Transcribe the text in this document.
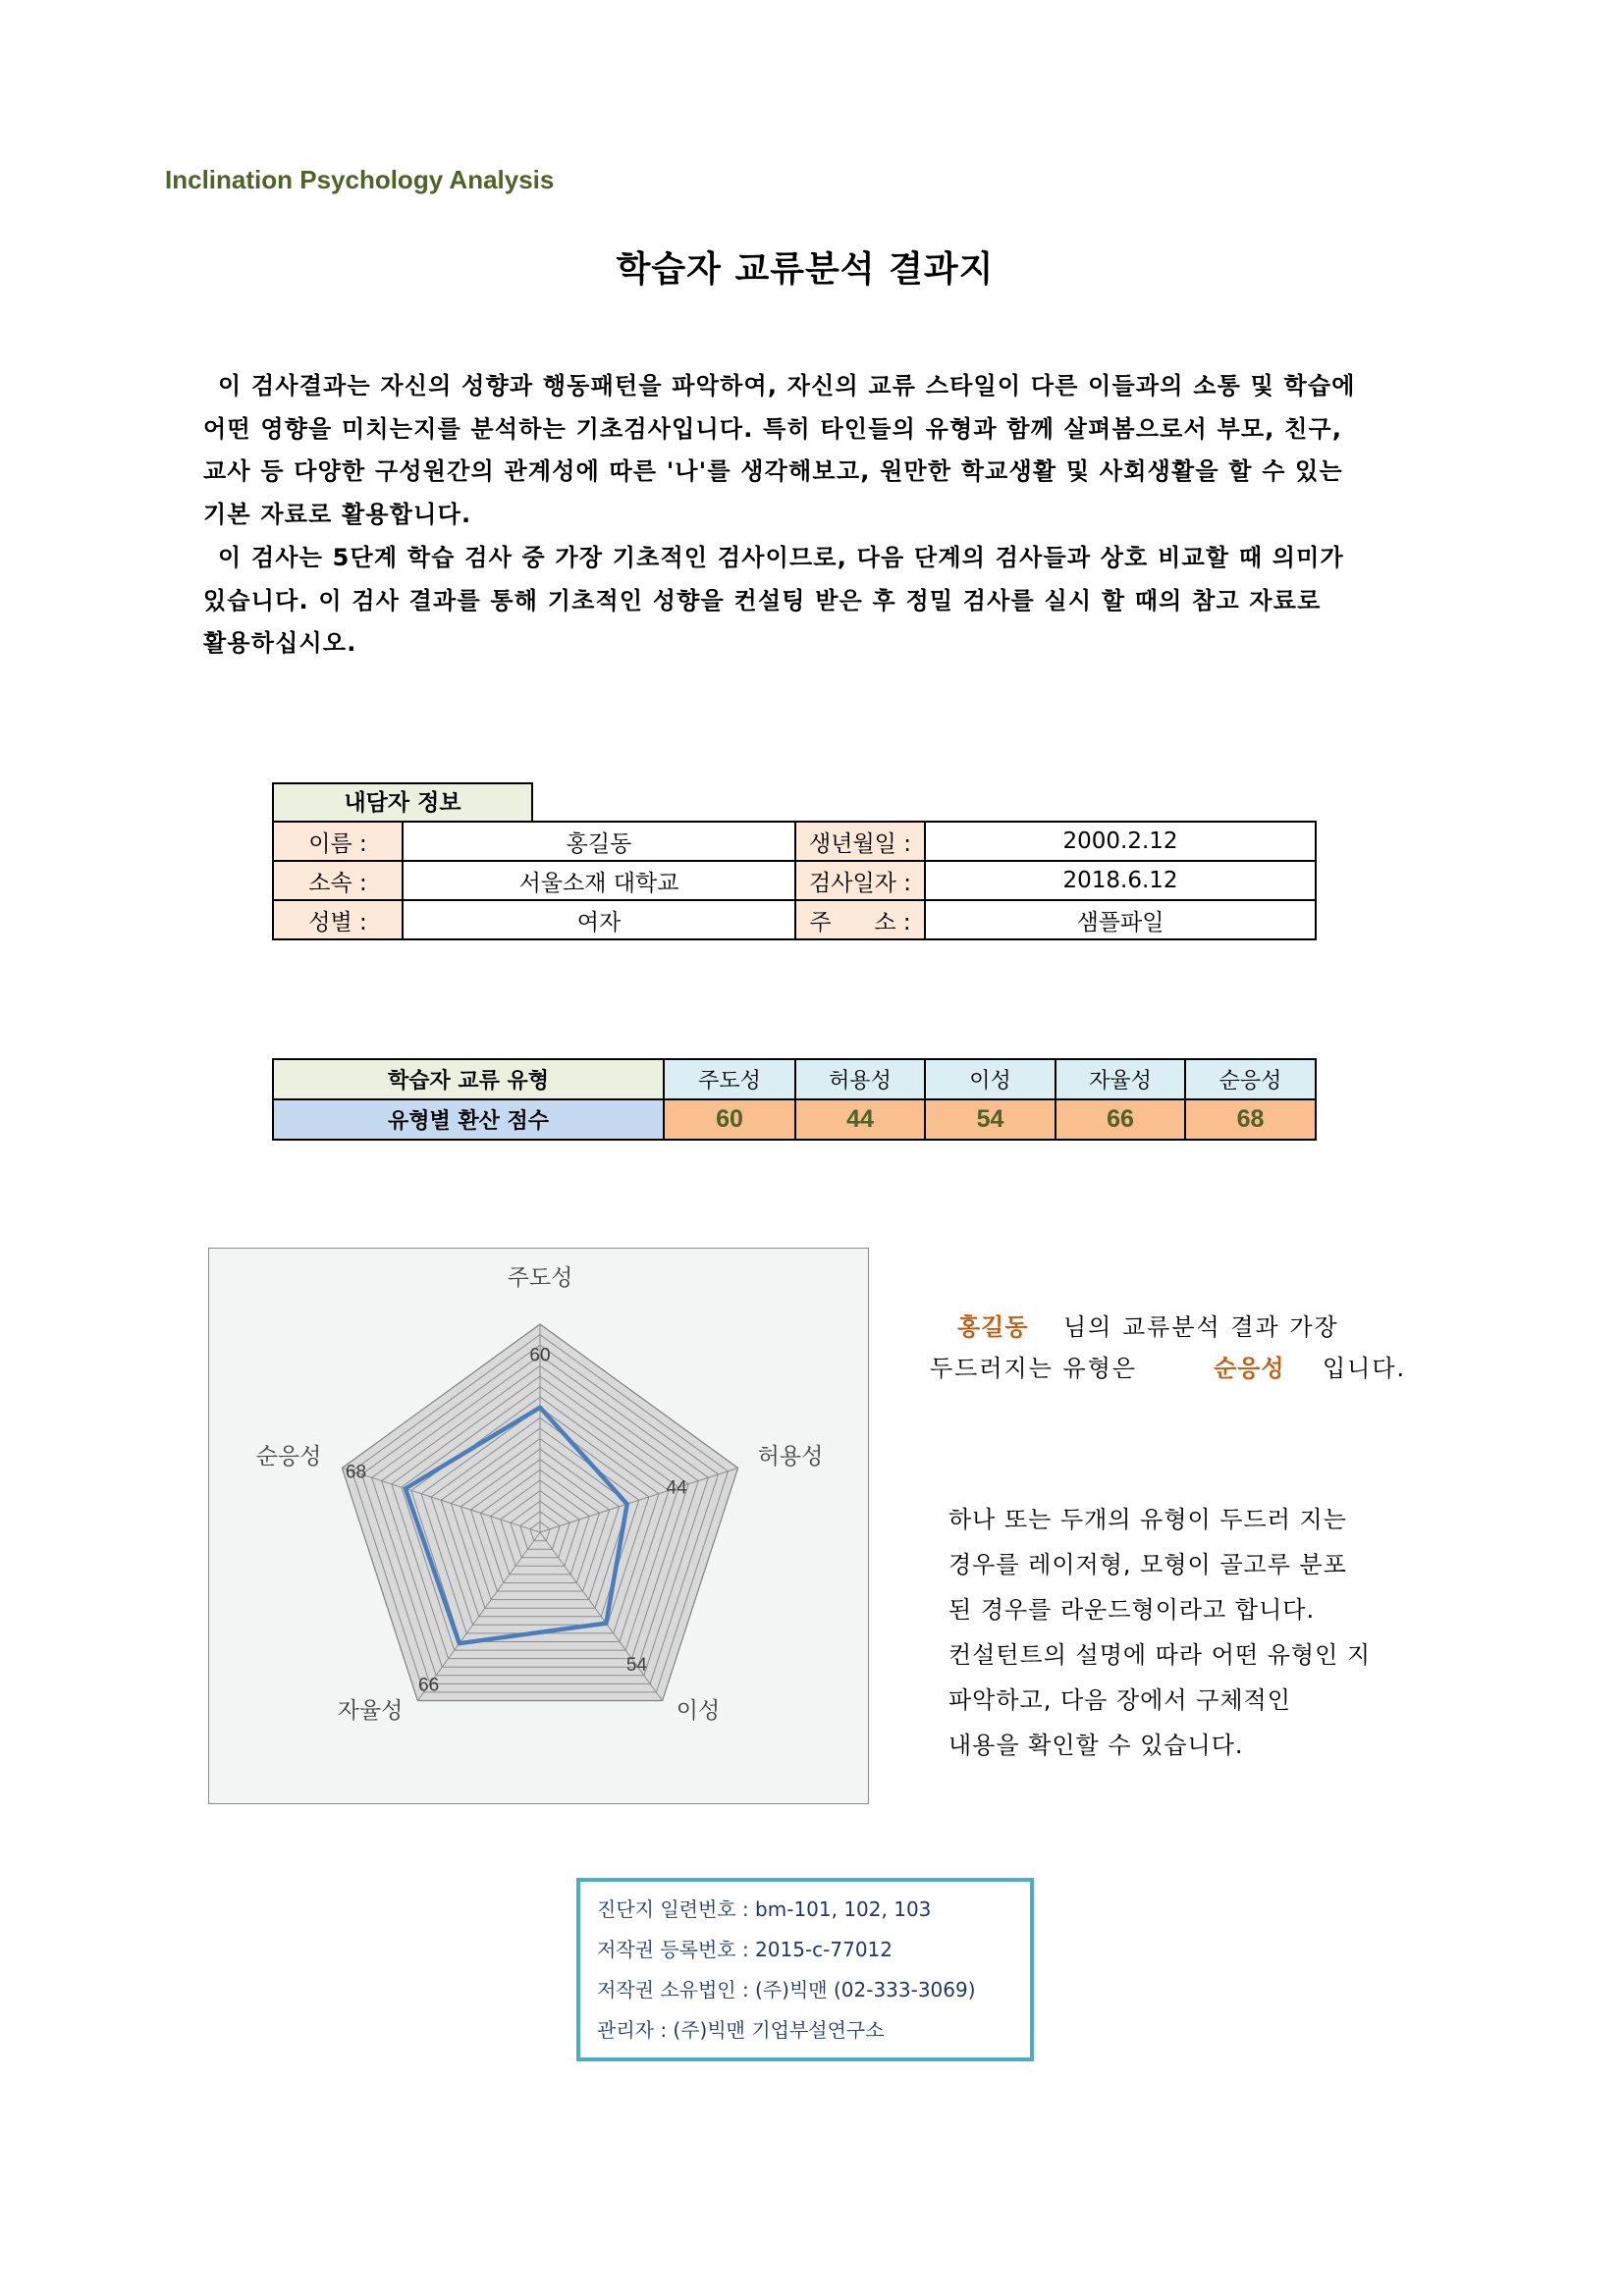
Inclination Psychology Analysis
학습자 교류분석 결과지
이 검사결과는 자신의 성향과 행동패턴을 파악하여, 자신의 교류 스타일이 다른 이들과의 소통 및 학습에
어떤 영향을 미치는지를 분석하는 기초검사입니다. 특히 타인들의 유형과 함께 살펴봄으로서 부모, 친구,
교사 등 다양한 구성원간의 관계성에 따른 '나'를 생각해보고, 원만한 학교생활 및 사회생활을 할 수 있는
기본 자료로 활용합니다.
이 검사는 5단계 학습 검사 중 가장 기초적인 검사이므로, 다음 단계의 검사들과 상호 비교할 때 의미가
있습니다. 이 검사 결과를 통해 기초적인 성향을 컨설팅 받은 후 정밀 검사를 실시 할 때의 참고 자료로
활용하십시오.
내담자 정보
이름 :	홍길동	생년월일 :	2000.2.12
소속 :	서울소재 대학교	검사일자 :	2018.6.12
성별 :	여자	주      소 :	샘플파일
학습자 교류 유형	주도성	허용성	이성	자율성	순응성
유형별 환산 점수	60	44	54	66	68
주도성
허용성
이성
자율성
순응성
60
44
54
66
68
홍길동 님의 교류분석 결과 가장
두드러지는 유형은	순응성 입니다.
하나 또는 두개의 유형이 두드러 지는
경우를 레이저형, 모형이 골고루 분포
된 경우를 라운드형이라고 합니다.
컨설턴트의 설명에 따라 어떤 유형인 지
파악하고, 다음 장에서 구체적인
내용을 확인할 수 있습니다.
진단지 일련번호 : bm-101, 102, 103
저작권 등록번호 : 2015-c-77012
저작권 소유법인 : (주)빅맨 (02-333-3069)
관리자 : (주)빅맨 기업부설연구소
